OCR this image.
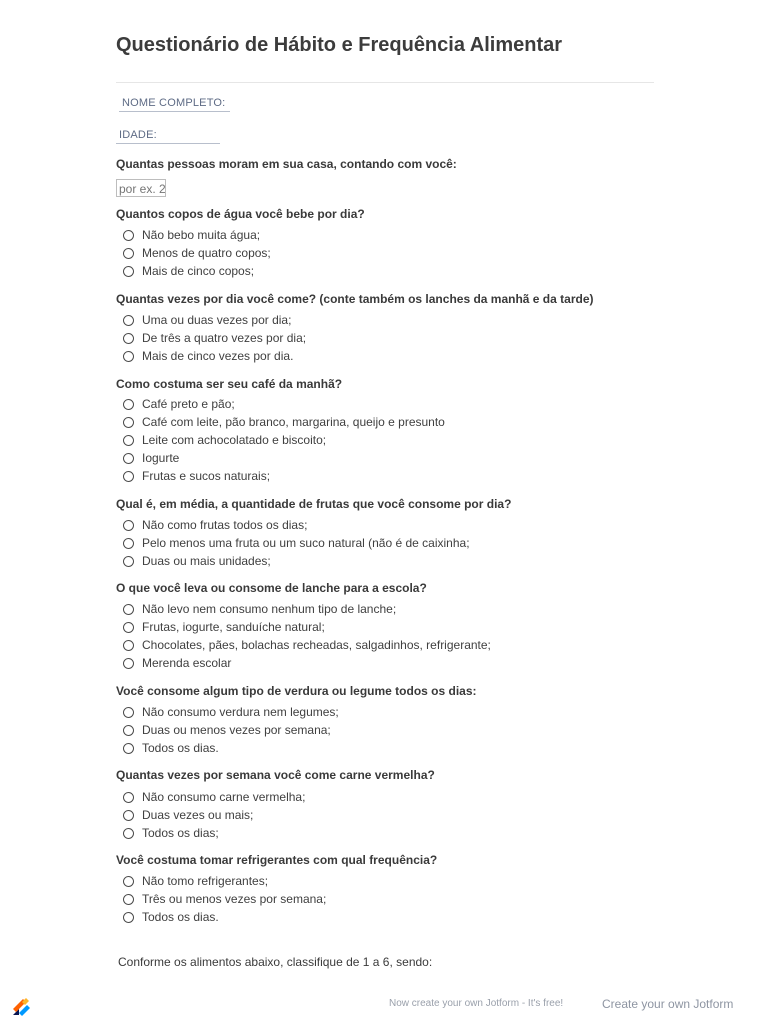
Questionário de Hábito e Frequência Alimentar
NOME COMPLETO:
IDADE:
Quantas pessoas moram em sua casa, contando com você:
por ex. 2
Quantos copos de água você bebe por dia?
Não bebo muita água;
Menos de quatro copos;
Mais de cinco copos;
Quantas vezes por dia você come? (conte também os lanches da manhã e da tarde)
Uma ou duas vezes por dia;
De três a quatro vezes por dia;
Mais de cinco vezes por dia.
Como costuma ser seu café da manhã?
Café preto e pão;
Café com leite, pão branco, margarina, queijo e presunto
Leite com achocolatado e biscoito;
Iogurte
Frutas e sucos naturais;
Qual é, em média, a quantidade de frutas que você consome por dia?
Não como frutas todos os dias;
Pelo menos uma fruta ou um suco natural (não é de caixinha;
Duas ou mais unidades;
O que você leva ou consome de lanche para a escola?
Não levo nem consumo nenhum tipo de lanche;
Frutas, iogurte, sanduíche natural;
Chocolates, pães, bolachas recheadas, salgadinhos, refrigerante;
Merenda escolar
Você consome algum tipo de verdura ou legume todos os dias:
Não consumo verdura nem legumes;
Duas ou menos vezes por semana;
Todos os dias.
Quantas vezes por semana você come carne vermelha?
Não consumo carne vermelha;
Duas vezes ou mais;
Todos os dias;
Você costuma tomar refrigerantes com qual frequência?
Não tomo refrigerantes;
Três ou menos vezes por semana;
Todos os dias.
Conforme os alimentos abaixo, classifique de 1 a 6, sendo:
Now create your own Jotform - It's free!	Create your own Jotform
